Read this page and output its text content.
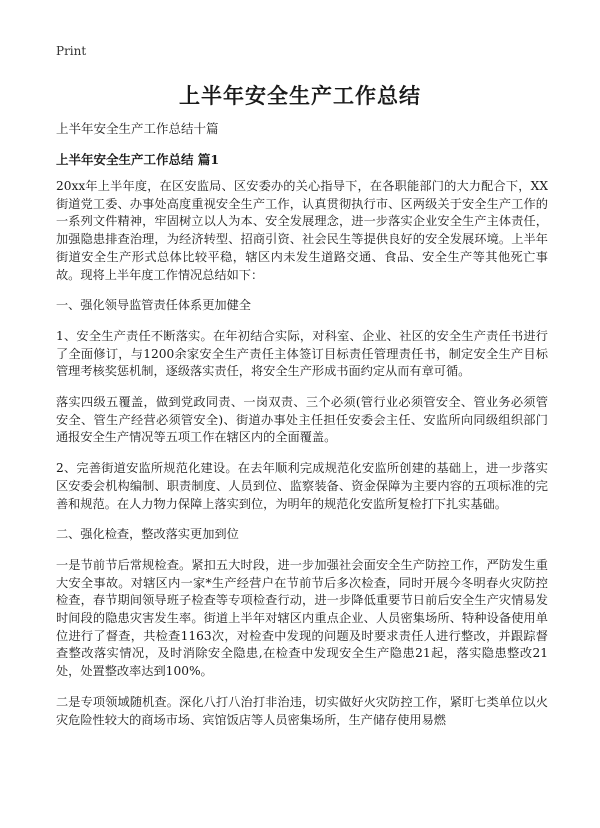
Print
上半年安全生产工作总结
上半年安全生产工作总结十篇
上半年安全生产工作总结 篇1

20xx年上半年度，在区安监局、区安委办的关心指导下，在各职能部门的大力配合下，XX街道党工委、办事处高度重视安全生产工作，认真贯彻执行市、区两级关于安全生产工作的一系列文件精神，牢固树立以人为本、安全发展理念，进一步落实企业安全生产主体责任，加强隐患排查治理，为经济转型、招商引资、社会民生等提供良好的安全发展环境。上半年街道安全生产形式总体比较平稳，辖区内未发生道路交通、食品、安全生产等其他死亡事故。现将上半年度工作情况总结如下：

一、强化领导监管责任体系更加健全

1、安全生产责任不断落实。在年初结合实际，对科室、企业、社区的安全生产责任书进行了全面修订，与1200余家安全生产责任主体签订目标责任管理责任书，制定安全生产目标管理考核奖惩机制，逐级落实责任，将安全生产形成书面约定从而有章可循。

落实四级五覆盖，做到党政同责、一岗双责、三个必须(管行业必须管安全、管业务必须管安全、管生产经营必须管安全)、街道办事处主任担任安委会主任、安监所向同级组织部门通报安全生产情况等五项工作在辖区内的全面覆盖。

2、完善街道安监所规范化建设。在去年顺利完成规范化安监所创建的基础上，进一步落实区安委会机构编制、职责制度、人员到位、监察装备、资金保障为主要内容的五项标准的完善和规范。在人力物力保障上落实到位，为明年的规范化安监所复检打下扎实基础。

二、强化检查，整改落实更加到位

一是节前节后常规检查。紧扣五大时段，进一步加强社会面安全生产防控工作，严防发生重大安全事故。对辖区内一家*生产经营户在节前节后多次检查，同时开展今冬明春火灾防控检查，春节期间领导班子检查等专项检查行动，进一步降低重要节日前后安全生产灾情易发时间段的隐患灾害发生率。街道上半年对辖区内重点企业、人员密集场所、特种设备使用单位进行了督查，共检查1163次，对检查中发现的问题及时要求责任人进行整改，并跟踪督查整改落实情况，及时消除安全隐患,在检查中发现安全生产隐患21起，落实隐患整改21处，处置整改率达到100%。

二是专项领域随机查。深化八打八治打非治违，切实做好火灾防控工作，紧盯七类单位以火灾危险性较大的商场市场、宾馆饭店等人员密集场所，生产储存使用易燃
